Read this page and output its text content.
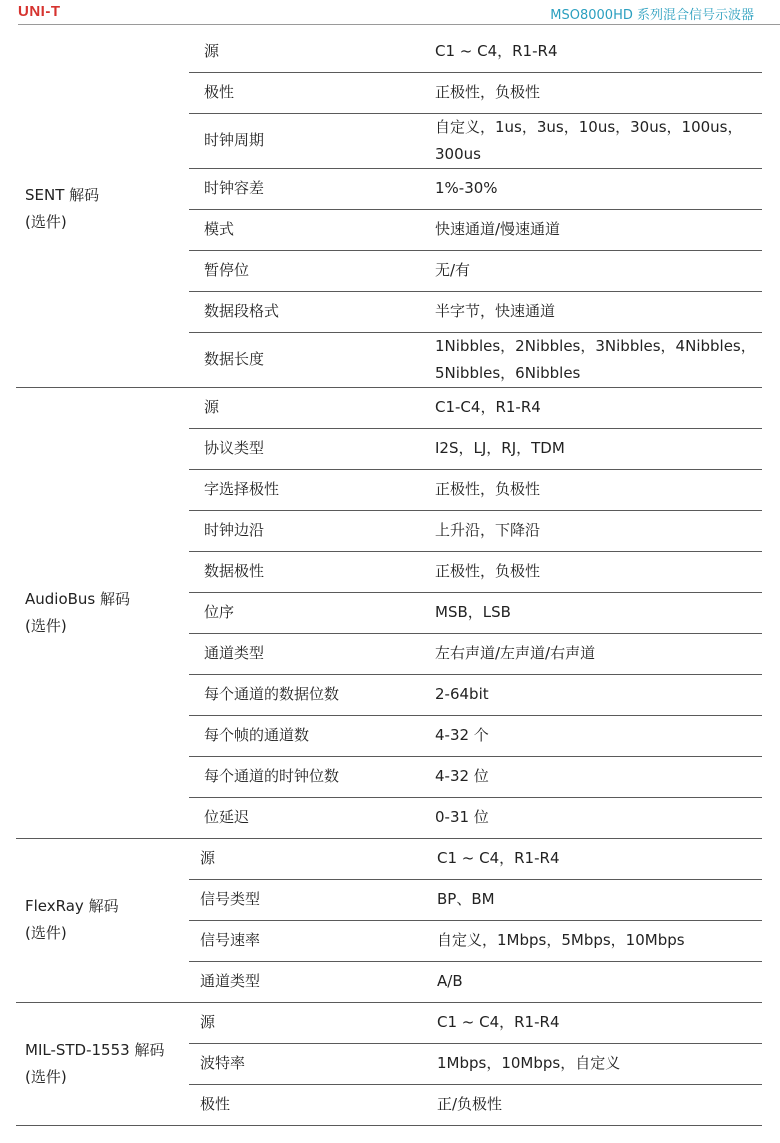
UNI-T	MSO8000HD 系列混合信号示波器
SENT 解码
(选件)	源	C1 ~ C4，R1-R4
	极性	正极性，负极性
	时钟周期	自定义，1us，3us，10us，30us，100us，300us
	时钟容差	1%-30%
	模式	快速通道/慢速通道
	暂停位	无/有
	数据段格式	半字节，快速通道
	数据长度	1Nibbles，2Nibbles，3Nibbles，4Nibbles，5Nibbles，6Nibbles

AudioBus 解码
(选件)	源	C1-C4，R1-R4
	协议类型	I2S，LJ，RJ，TDM
	字选择极性	正极性，负极性
	时钟边沿	上升沿，下降沿
	数据极性	正极性，负极性
	位序	MSB，LSB
	通道类型	左右声道/左声道/右声道
	每个通道的数据位数	2-64bit
	每个帧的通道数	4-32 个
	每个通道的时钟位数	4-32 位
	位延迟	0-31 位

FlexRay 解码
(选件)	源	C1 ~ C4，R1-R4
	信号类型	BP、BM
	信号速率	自定义，1Mbps，5Mbps，10Mbps
	通道类型	A/B

MIL-STD-1553 解码
(选件)	源	C1 ~ C4，R1-R4
	波特率	1Mbps，10Mbps，自定义
	极性	正/负极性
